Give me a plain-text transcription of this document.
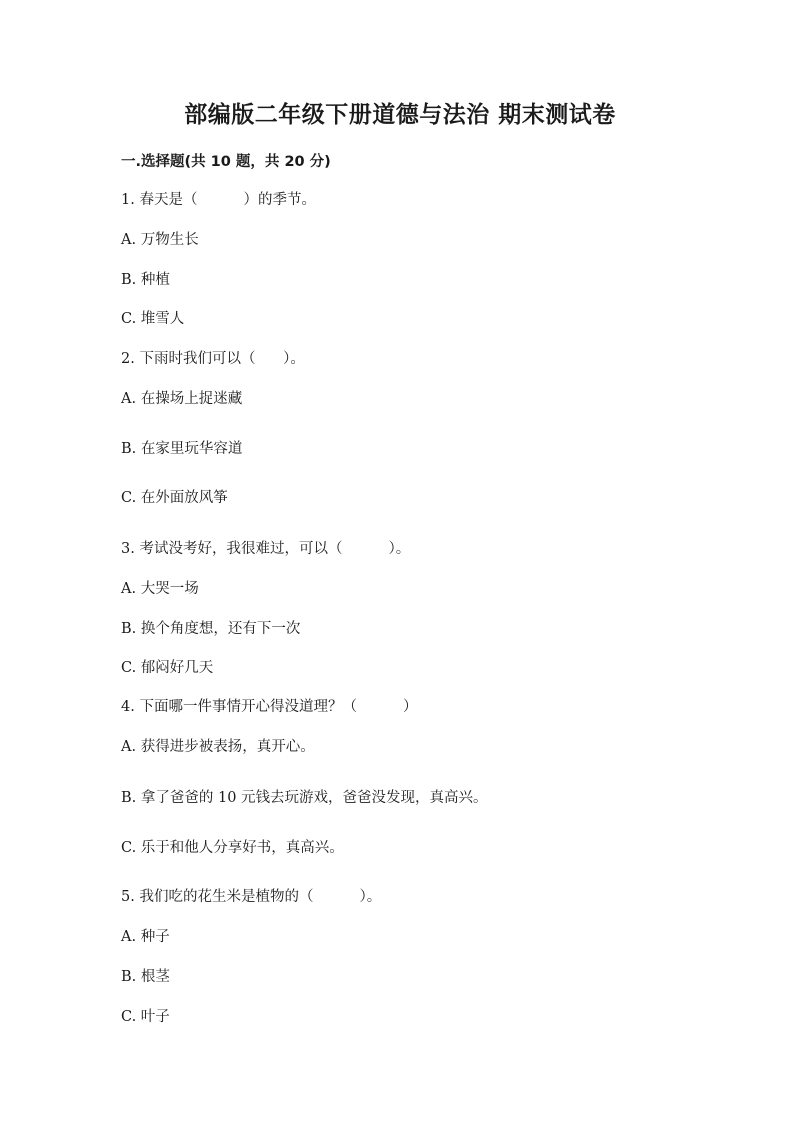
部编版二年级下册道德与法治 期末测试卷
一.选择题(共 10 题，共 20 分)
1. 春天是（          ）的季节。
A. 万物生长
B. 种植
C. 堆雪人
2. 下雨时我们可以（      ）。
A. 在操场上捉迷藏
B. 在家里玩华容道
C. 在外面放风筝
3. 考试没考好，我很难过，可以（          ）。
A. 大哭一场
B. 换个角度想，还有下一次
C. 郁闷好几天
4. 下面哪一件事情开心得没道理？（          ）
A. 获得进步被表扬，真开心。
B. 拿了爸爸的 10 元钱去玩游戏，爸爸没发现，真高兴。
C. 乐于和他人分享好书，真高兴。
5. 我们吃的花生米是植物的（          ）。
A. 种子
B. 根茎
C. 叶子
